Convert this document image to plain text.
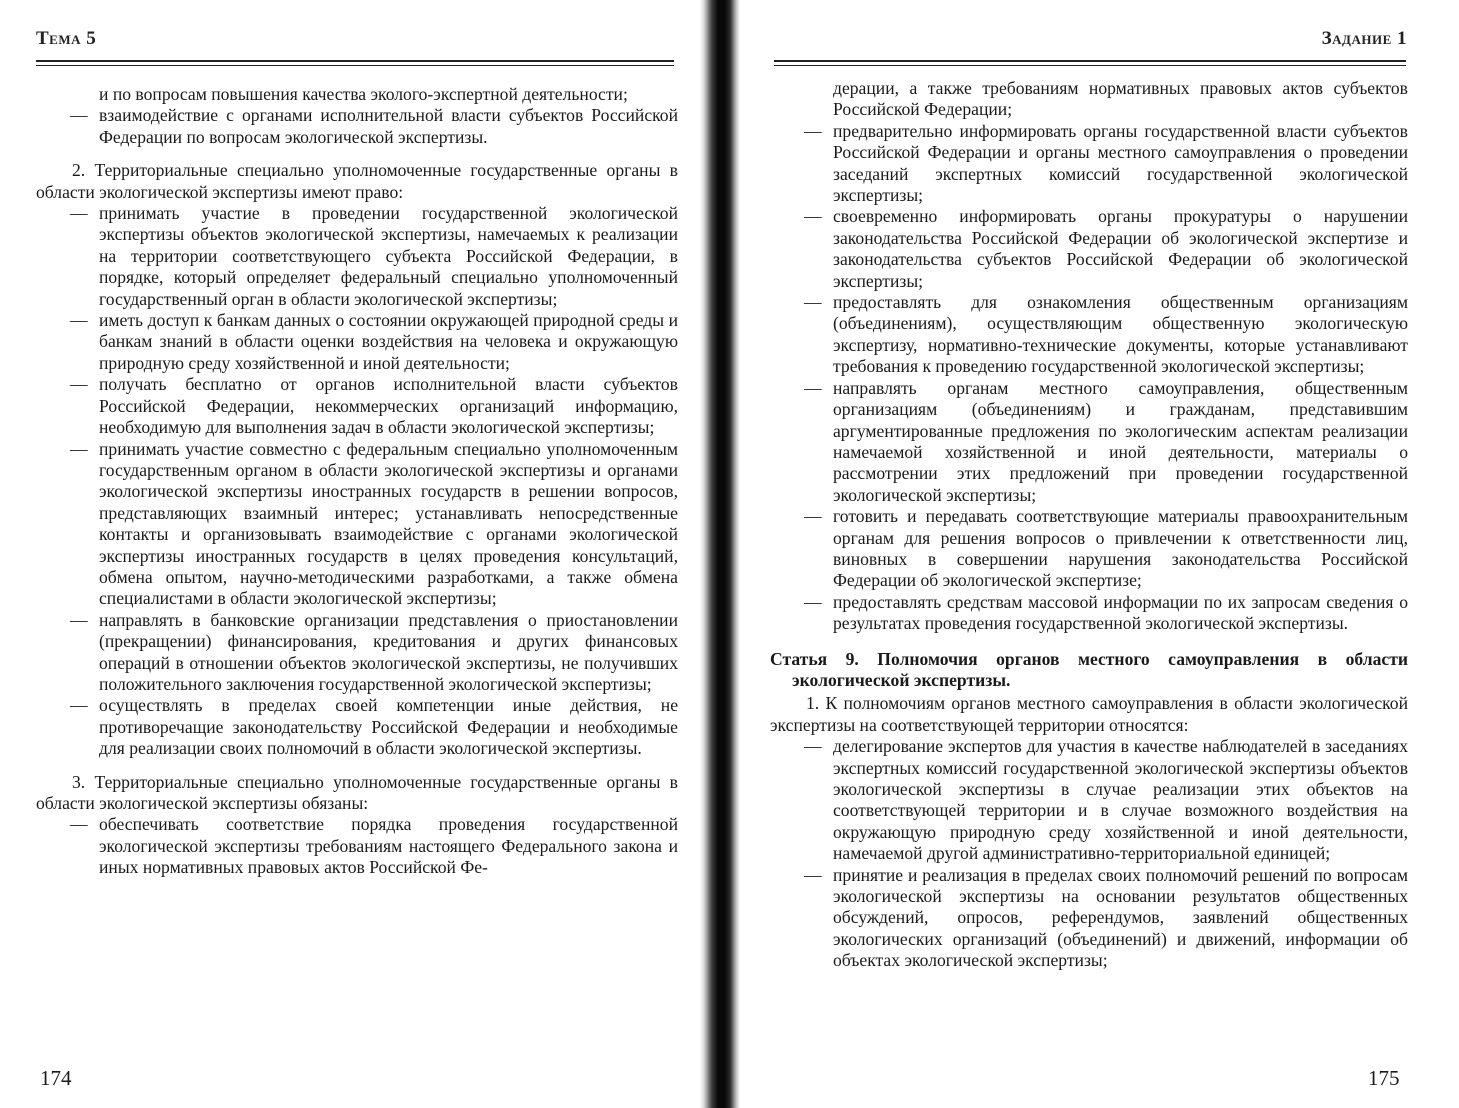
Тема 5

и по вопросам повышения качества эколого-экспертной деятельности;

— взаимодействие с органами исполнительной власти субъектов Российской Федерации по вопросам экологической экспертизы.

2. Территориальные специально уполномоченные государственные органы в области экологической экспертизы имеют право:

— принимать участие в проведении государственной экологической экспертизы объектов экологической экспертизы, намечаемых к реализации на территории соответствующего субъекта Российской Федерации, в порядке, который определяет федеральный специально уполномоченный государственный орган в области экологической экспертизы;
— иметь доступ к банкам данных о состоянии окружающей природной среды и банкам знаний в области оценки воздействия на человека и окружающую природную среду хозяйственной и иной деятельности;
— получать бесплатно от органов исполнительной власти субъектов Российской Федерации, некоммерческих организаций информацию, необходимую для выполнения задач в области экологической экспертизы;
— принимать участие совместно с федеральным специально уполномоченным государственным органом в области экологической экспертизы и органами экологической экспертизы иностранных государств в решении вопросов, представляющих взаимный интерес; устанавливать непосредственные контакты и организовывать взаимодействие с органами экологической экспертизы иностранных государств в целях проведения консультаций, обмена опытом, научно-методическими разработками, а также обмена специалистами в области экологической экспертизы;
— направлять в банковские организации представления о приостановлении (прекращении) финансирования, кредитования и других финансовых операций в отношении объектов экологической экспертизы, не получивших положительного заключения государственной экологической экспертизы;
— осуществлять в пределах своей компетенции иные действия, не противоречащие законодательству Российской Федерации и необходимые для реализации своих полномочий в области экологической экспертизы.

3. Территориальные специально уполномоченные государственные органы в области экологической экспертизы обязаны:

— обеспечивать соответствие порядка проведения государственной экологической экспертизы требованиям настоящего Федерального закона и иных нормативных правовых актов Российской Фе-
174
Задание 1

дерации, а также требованиям нормативных правовых актов субъектов Российской Федерации;

— предварительно информировать органы государственной власти субъектов Российской Федерации и органы местного самоуправления о проведении заседаний экспертных комиссий государственной экологической экспертизы;
— своевременно информировать органы прокуратуры о нарушении законодательства Российской Федерации об экологической экспертизе и законодательства субъектов Российской Федерации об экологической экспертизы;
— предоставлять для ознакомления общественным организациям (объединениям), осуществляющим общественную экологическую экспертизу, нормативно-технические документы, которые устанавливают требования к проведению государственной экологической экспертизы;
— направлять органам местного самоуправления, общественным организациям (объединениям) и гражданам, представившим аргументированные предложения по экологическим аспектам реализации намечаемой хозяйственной и иной деятельности, материалы о рассмотрении этих предложений при проведении государственной экологической экспертизы;
— готовить и передавать соответствующие материалы правоохранительным органам для решения вопросов о привлечении к ответственности лиц, виновных в совершении нарушения законодательства Российской Федерации об экологической экспертизе;
— предоставлять средствам массовой информации по их запросам сведения о результатах проведения государственной экологической экспертизы.

Статья 9. Полномочия органов местного самоуправления в области экологической экспертизы.

1. К полномочиям органов местного самоуправления в области экологической экспертизы на соответствующей территории относятся:

— делегирование экспертов для участия в качестве наблюдателей в заседаниях экспертных комиссий государственной экологической экспертизы объектов экологической экспертизы в случае реализации этих объектов на соответствующей территории и в случае возможного воздействия на окружающую природную среду хозяйственной и иной деятельности, намечаемой другой административно-территориальной единицей;
— принятие и реализация в пределах своих полномочий решений по вопросам экологической экспертизы на основании результатов общественных обсуждений, опросов, референдумов, заявлений общественных экологических организаций (объединений) и движений, информации об объектах экологической экспертизы;
175
